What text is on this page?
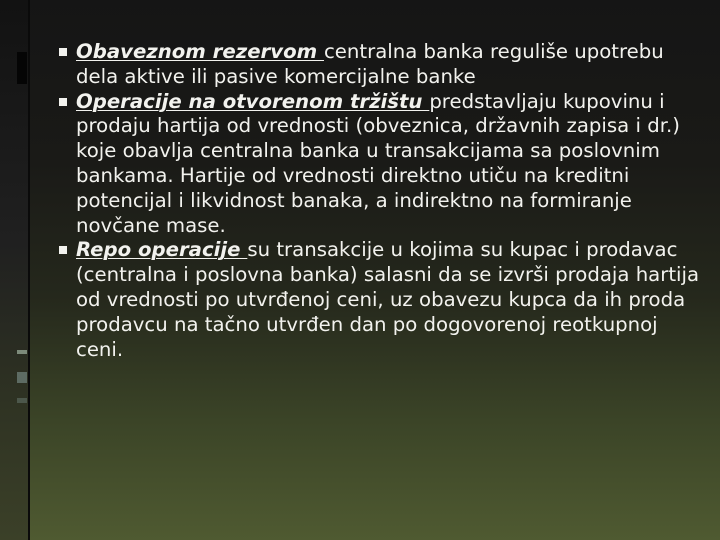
Obaveznom rezervom centralna banka reguliše upotrebu dela aktive ili pasive komercijalne banke

Operacije na otvorenom tržištu predstavljaju kupovinu i prodaju hartija od vrednosti (obveznica, državnih zapisa i dr.) koje obavlja centralna banka u transakcijama sa poslovnim bankama. Hartije od vrednosti direktno utiču na kreditni potencijal i likvidnost banaka, a indirektno na formiranje novčane mase.

Repo operacije su transakcije u kojima su kupac i prodavac (centralna i poslovna banka) salasni da se izvrši prodaja hartija od vrednosti po utvrđenoj ceni, uz obavezu kupca da ih proda prodavcu na tačno utvrđen dan po dogovorenoj reotkupnoj ceni.
